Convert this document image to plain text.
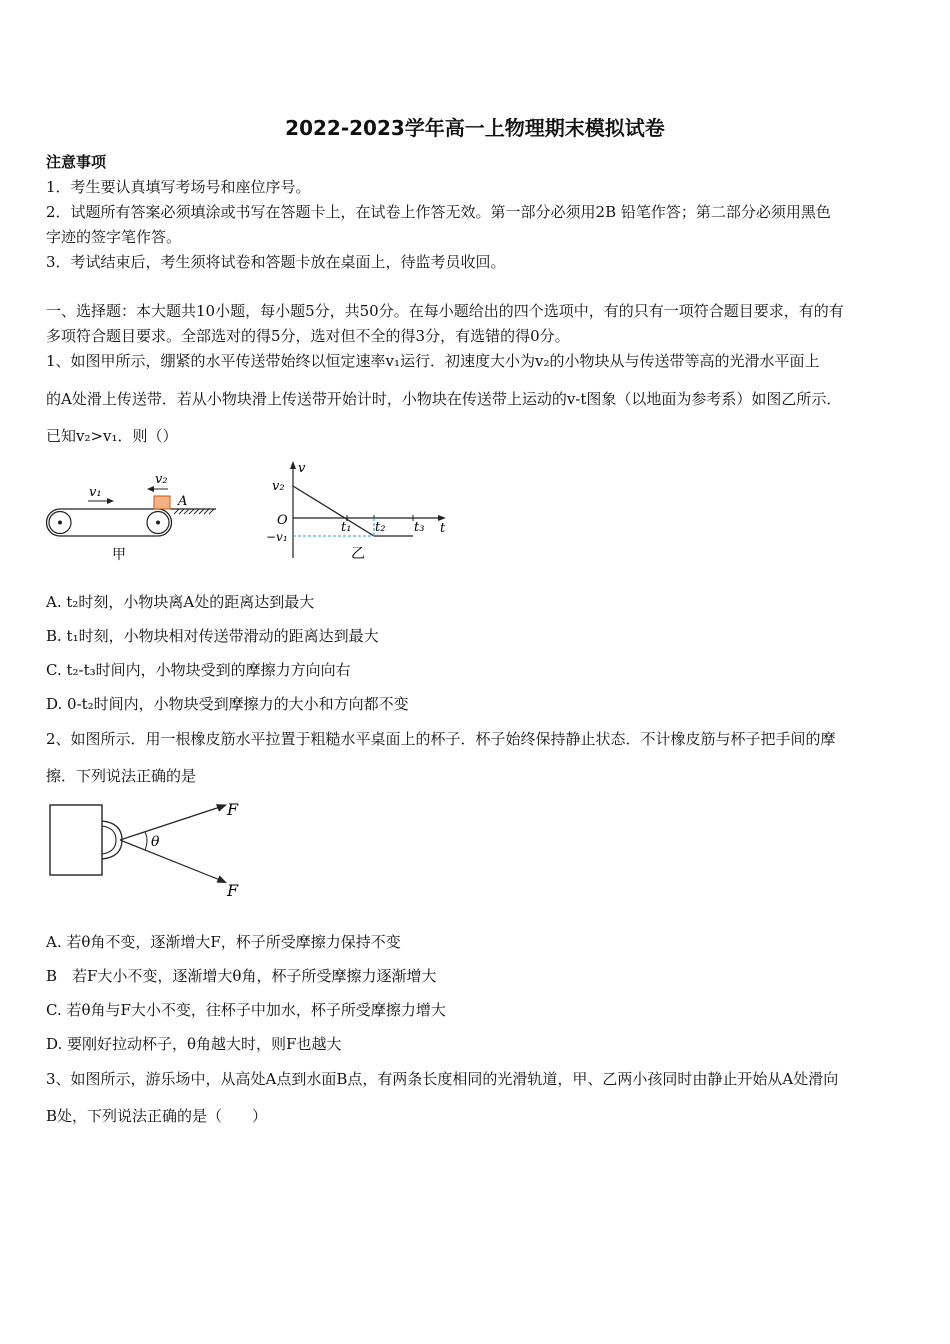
2022-2023学年高一上物理期末模拟试卷
注意事项
1．考生要认真填写考场号和座位序号。
2．试题所有答案必须填涂或书写在答题卡上，在试卷上作答无效。第一部分必须用2B 铅笔作答；第二部分必须用黑色
字迹的签字笔作答。
3．考试结束后，考生须将试卷和答题卡放在桌面上，待监考员收回。
一、选择题：本大题共10小题，每小题5分，共50分。在每小题给出的四个选项中，有的只有一项符合题目要求，有的有
多项符合题目要求。全部选对的得5分，选对但不全的得3分，有选错的得0分。
1、如图甲所示，绷紧的水平传送带始终以恒定速率v₁运行．初速度大小为v₂的小物块从与传送带等高的光滑水平面上
的A处滑上传送带．若从小物块滑上传送带开始计时，小物块在传送带上运动的v-t图象（以地面为参考系）如图乙所示．
已知v₂>v₁．则（）
v₁
v₂
A
甲
v
v₂
O
−v₁
t₁ t₂ t₃ t
乙
A. t₂时刻，小物块离A处的距离达到最大
B. t₁时刻，小物块相对传送带滑动的距离达到最大
C. t₂-t₃时间内，小物块受到的摩擦力方向向右
D. 0-t₂时间内，小物块受到摩擦力的大小和方向都不变
2、如图所示．用一根橡皮筋水平拉置于粗糙水平桌面上的杯子．杯子始终保持静止状态．不计橡皮筋与杯子把手间的摩
擦．下列说法正确的是
θ
F
F
A. 若θ角不变，逐渐增大F，杯子所受摩擦力保持不变
B　若F大小不变，逐渐增大θ角，杯子所受摩擦力逐渐增大
C. 若θ角与F大小不变，往杯子中加水，杯子所受摩擦力增大
D. 要刚好拉动杯子，θ角越大时，则F也越大
3、如图所示，游乐场中，从高处A点到水面B点，有两条长度相同的光滑轨道，甲、乙两小孩同时由静止开始从A处滑向
B处，下列说法正确的是（　　）
